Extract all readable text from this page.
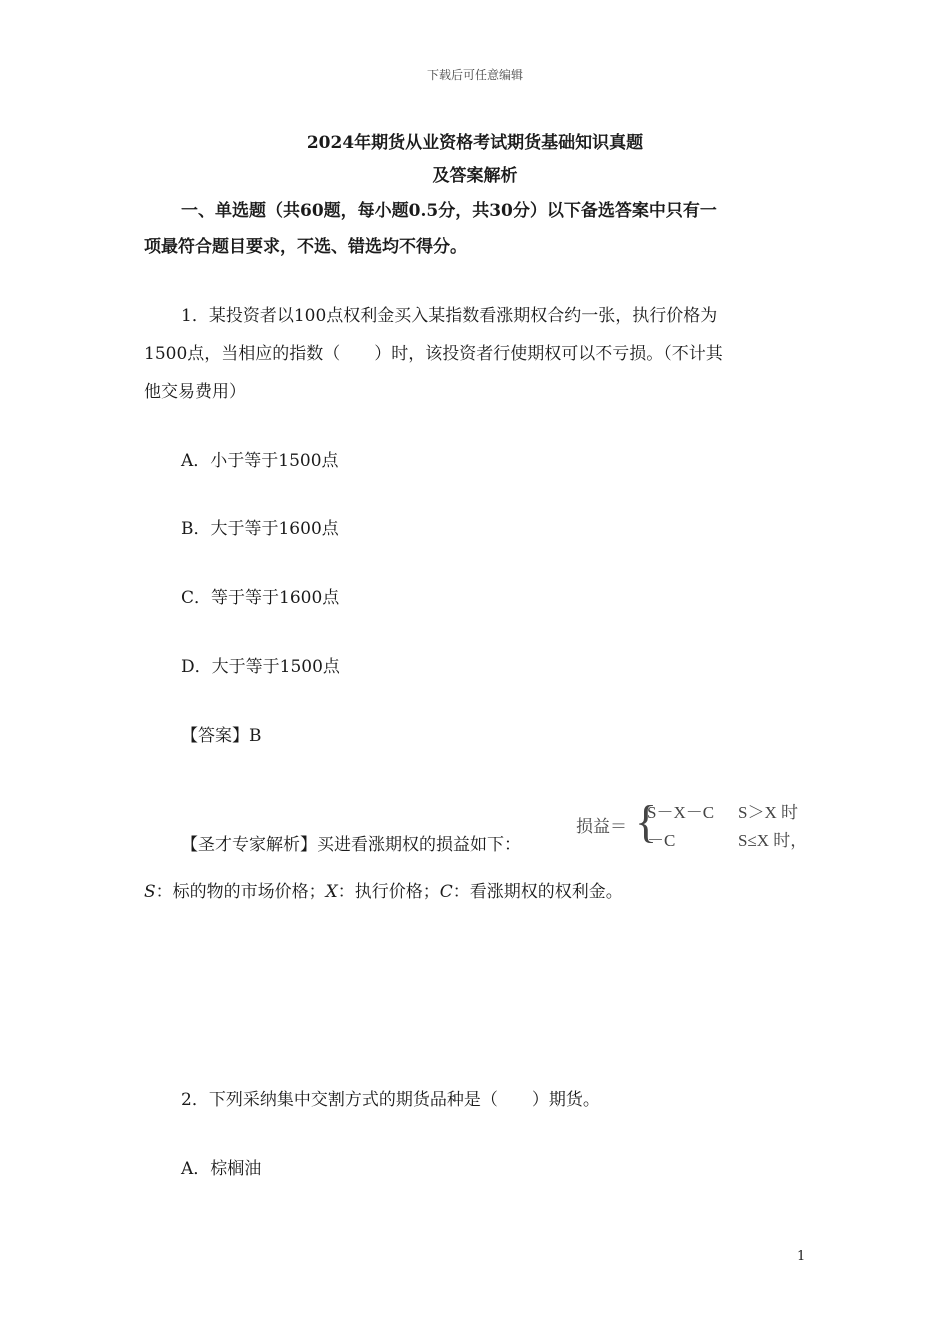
下载后可任意编辑
2024年期货从业资格考试期货基础知识真题
及答案解析
一、单选题（共60题，每小题0.5分，共30分）以下备选答案中只有一
项最符合题目要求，不选、错选均不得分。
1．某投资者以100点权利金买入某指数看涨期权合约一张，执行价格为
1500点，当相应的指数（　　）时，该投资者行使期权可以不亏损。（不计其
他交易费用）
A．小于等于1500点
B．大于等于1600点
C．等于等于1600点
D．大于等于1500点
【答案】B
【圣才专家解析】买进看涨期权的损益如下：
损益＝ {
S－X－C S＞X 时
－C	S≤X 时，
S：标的物的市场价格；X：执行价格；C：看涨期权的权利金。
2．下列采纳集中交割方式的期货品种是（　　）期货。
A．棕榈油
1
